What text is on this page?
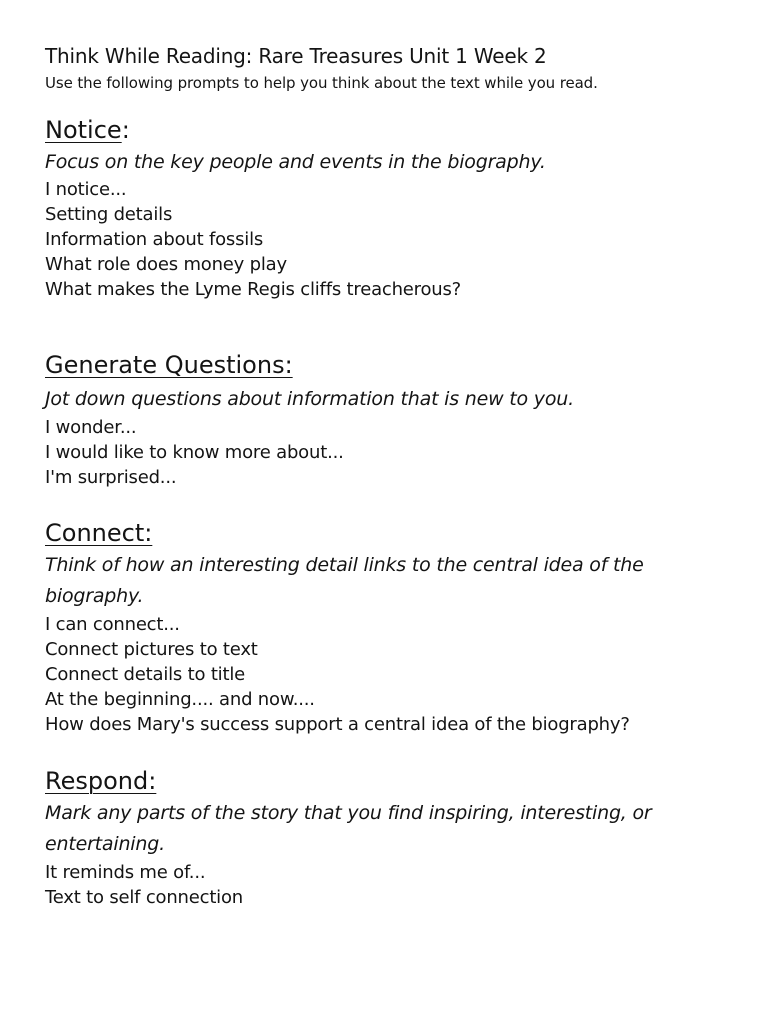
Think While Reading: Rare Treasures Unit 1 Week 2
Use the following prompts to help you think about the text while you read.
Notice:

Focus on the key people and events in the biography.

I notice...
Setting details
Information about fossils
What role does money play
What makes the Lyme Regis cliffs treacherous?
Generate Questions:

Jot down questions about information that is new to you.

I wonder...
I would like to know more about...
I'm surprised...
Connect:

Think of how an interesting detail links to the central idea of the biography.

I can connect...
Connect pictures to text
Connect details to title
At the beginning.... and now....
How does Mary's success support a central idea of the biography?
Respond:

Mark any parts of the story that you find inspiring, interesting, or entertaining.

It reminds me of...
Text to self connection
